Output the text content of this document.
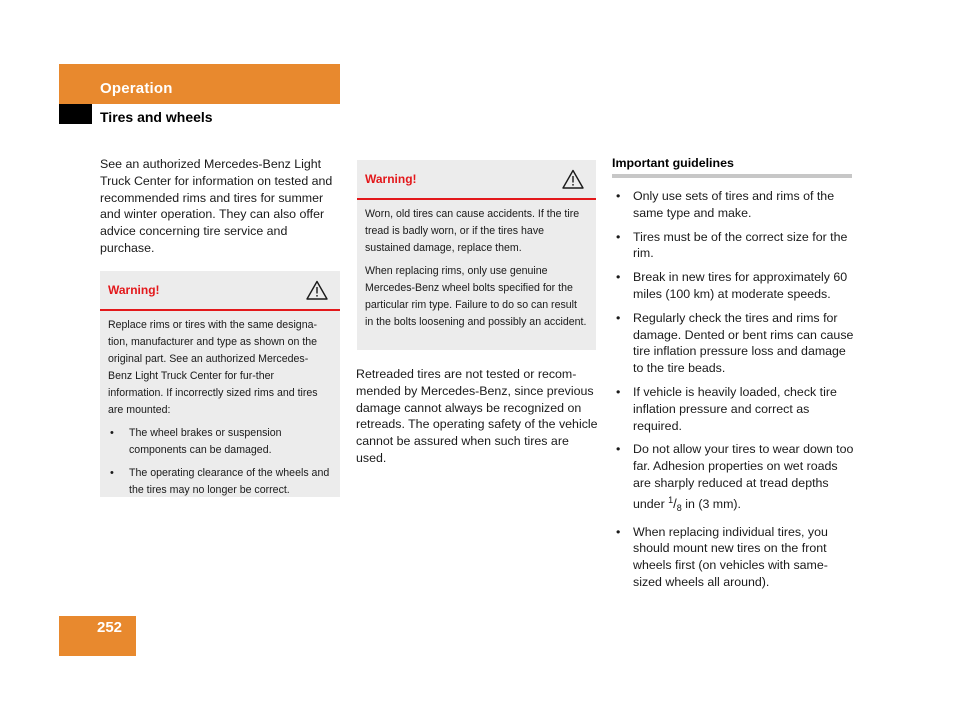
Operation
Tires and wheels
See an authorized Mercedes-Benz Light Truck Center for information on tested and recommended rims and tires for summer and winter operation. They can also offer advice concerning tire service and purchase.
Warning!

Replace rims or tires with the same designa-tion, manufacturer and type as shown on the original part. See an authorized Mercedes-Benz Light Truck Center for fur-ther information. If incorrectly sized rims and tires are mounted:

• The wheel brakes or suspension components can be damaged.
• The operating clearance of the wheels and the tires may no longer be correct.
Warning!

Worn, old tires can cause accidents. If the tire tread is badly worn, or if the tires have sustained damage, replace them.

When replacing rims, only use genuine Mercedes-Benz wheel bolts specified for the particular rim type. Failure to do so can result in the bolts loosening and possibly an accident.

Retreaded tires are not tested or recom-mended by Mercedes-Benz, since previous damage cannot always be recognized on retreads. The operating safety of the vehicle cannot be assured when such tires are used.
Important guidelines
• Only use sets of tires and rims of the same type and make.
• Tires must be of the correct size for the rim.
• Break in new tires for approximately 60 miles (100 km) at moderate speeds.
• Regularly check the tires and rims for damage. Dented or bent rims can cause tire inflation pressure loss and damage to the tire beads.
• If vehicle is heavily loaded, check tire inflation pressure and correct as required.
• Do not allow your tires to wear down too far. Adhesion properties on wet roads are sharply reduced at tread depths under 1/8 in (3 mm).
• When replacing individual tires, you should mount new tires on the front wheels first (on vehicles with same-sized wheels all around).
252
